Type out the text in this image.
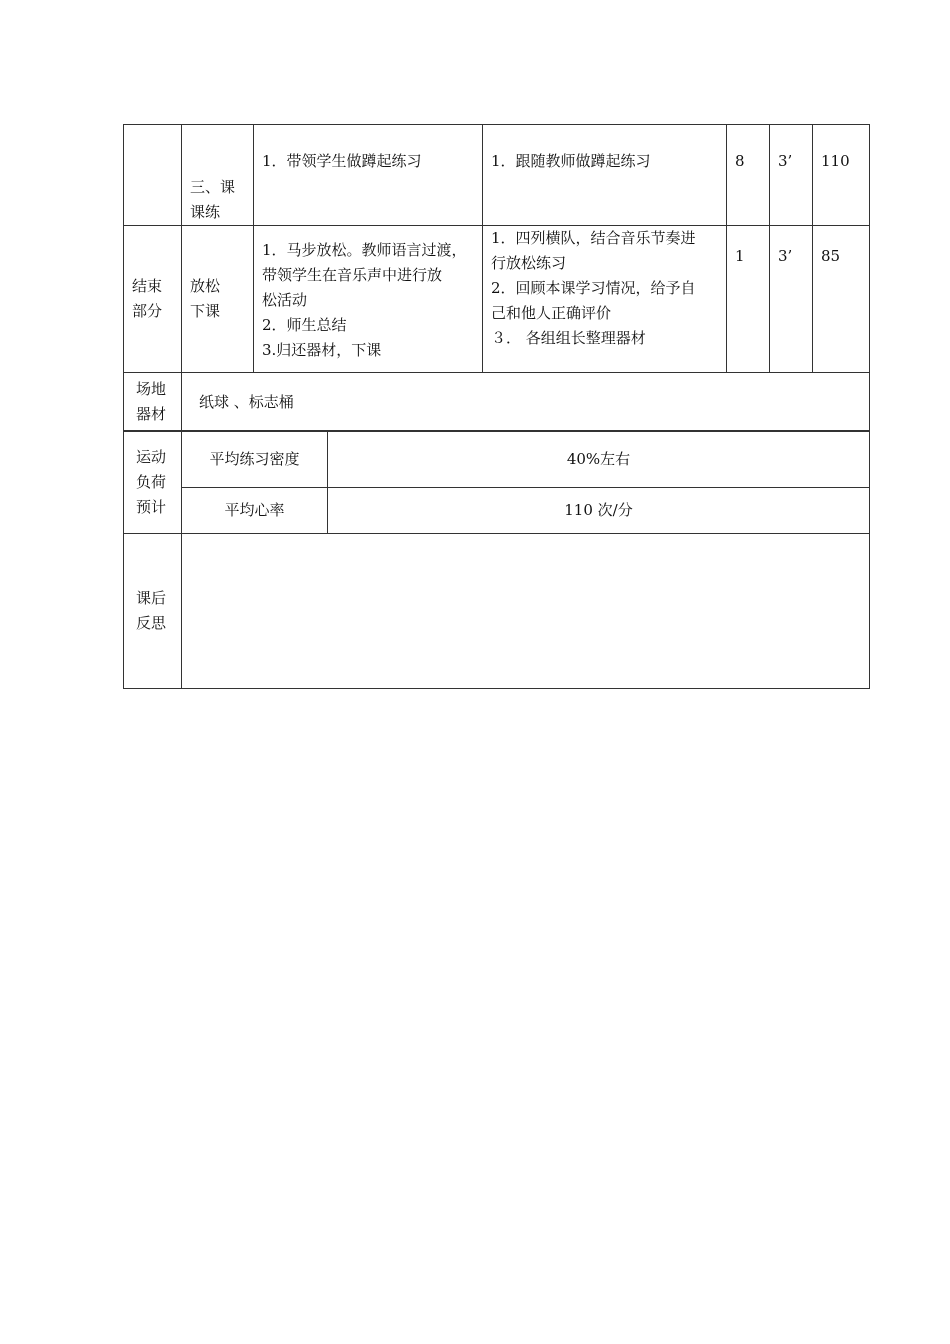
	三、课
课练	1．带领学生做蹲起练习	1．跟随教师做蹲起练习	8	3’	110

结束
部分	放松
下课	1．马步放松。教师语言过渡，
带领学生在音乐声中进行放
松活动
2．师生总结
3.归还器材，下课	1．四列横队，结合音乐节奏进
行放松练习
2．回顾本课学习情况，给予自
己和他人正确评价
３． 各组组长整理器材	1	3’	85

场地
器材	纸球 、标志桶					
运动
负荷
预计	平均练习密度	40%左右
	平均心率	110 次/分

课后
反思		
